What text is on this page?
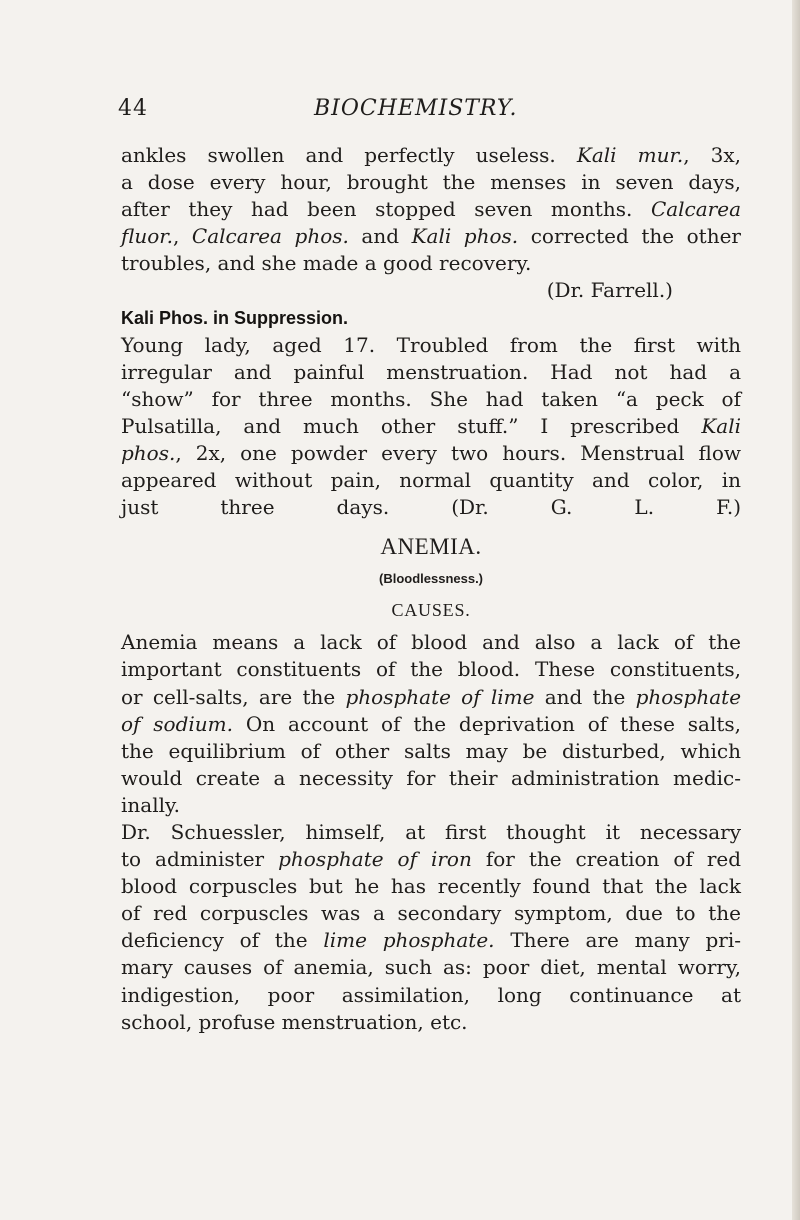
44	BIOCHEMISTRY.
ankles swollen and perfectly useless. Kali mur., 3x,
a dose every hour, brought the menses in seven days,
after they had been stopped seven months. Calcarea
fluor., Calcarea phos. and Kali phos. corrected the other
troubles, and she made a good recovery.
(Dr. Farrell.)
Kali Phos. in Suppression.
Young lady, aged 17. Troubled from the first with
irregular and painful menstruation. Had not had a
“show” for three months. She had taken “a peck of
Pulsatilla, and much other stuff.” I prescribed Kali
phos., 2x, one powder every two hours. Menstrual flow
appeared without pain, normal quantity and color, in
just three days.	(Dr. G. L. F.)
ANEMIA.
(Bloodlessness.)
CAUSES.
Anemia means a lack of blood and also a lack of the
important constituents of the blood. These constituents,
or cell-salts, are the phosphate of lime and the phosphate
of sodium. On account of the deprivation of these salts,
the equilibrium of other salts may be disturbed, which
would create a necessity for their administration medic-
inally.
Dr. Schuessler, himself, at first thought it necessary
to administer phosphate of iron for the creation of red
blood corpuscles but he has recently found that the lack
of red corpuscles was a secondary symptom, due to the
deficiency of the lime phosphate. There are many pri-
mary causes of anemia, such as: poor diet, mental worry,
indigestion, poor assimilation, long continuance at
school, profuse menstruation, etc.
